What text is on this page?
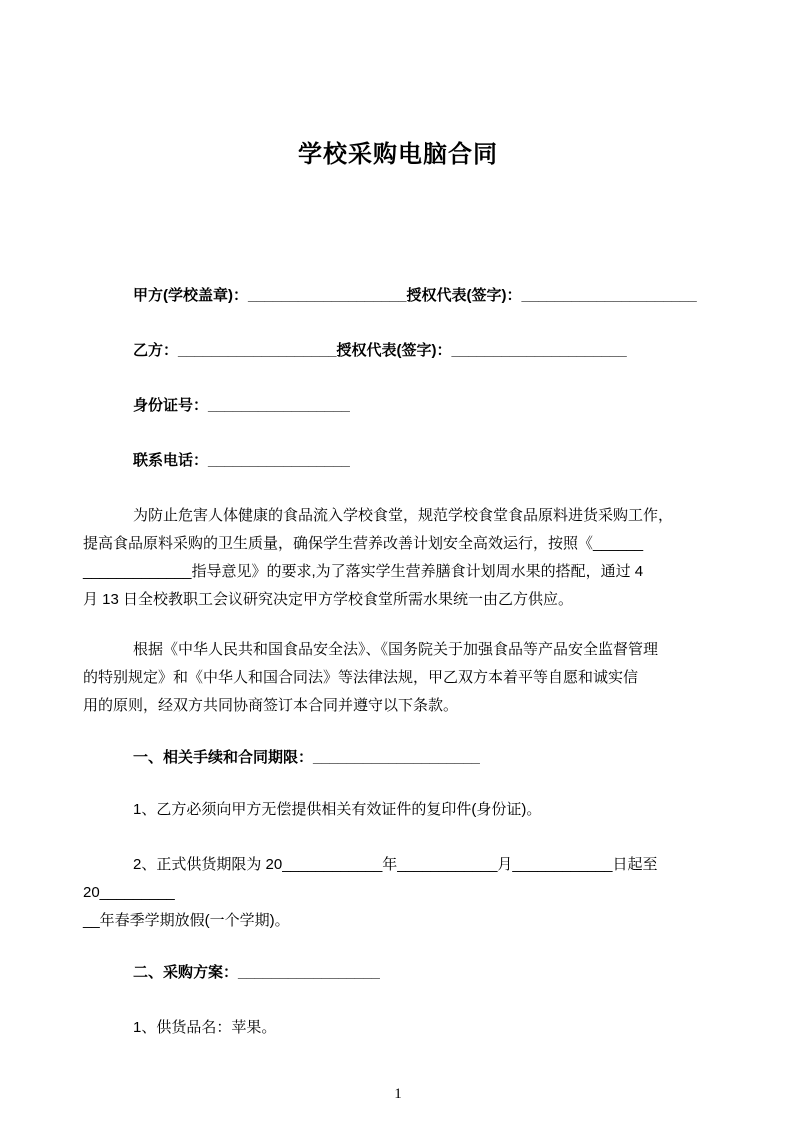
学校采购电脑合同
甲方(学校盖章)：___________________授权代表(签字)：_____________________
乙方：___________________授权代表(签字)：_____________________
身份证号：_________________
联系电话：_________________
为防止危害人体健康的食品流入学校食堂，规范学校食堂食品原料进货采购工作，
提高食品原料采购的卫生质量，确保学生营养改善计划安全高效运行，按照《______
_____________指导意见》的要求,为了落实学生营养膳食计划周水果的搭配，通过 4
月 13 日全校教职工会议研究决定甲方学校食堂所需水果统一由乙方供应。
根据《中华人民共和国食品安全法》、《国务院关于加强食品等产品安全监督管理
的特别规定》和《中华人和国合同法》等法律法规，甲乙双方本着平等自愿和诚实信
用的原则，经双方共同协商签订本合同并遵守以下条款。
一、相关手续和合同期限：____________________
1、乙方必须向甲方无偿提供相关有效证件的复印件(身份证)。
2、正式供货期限为 20____________年____________月____________日起至 20_________
__年春季学期放假(一个学期)。
二、采购方案：_________________
1、供货品名：苹果。
1
